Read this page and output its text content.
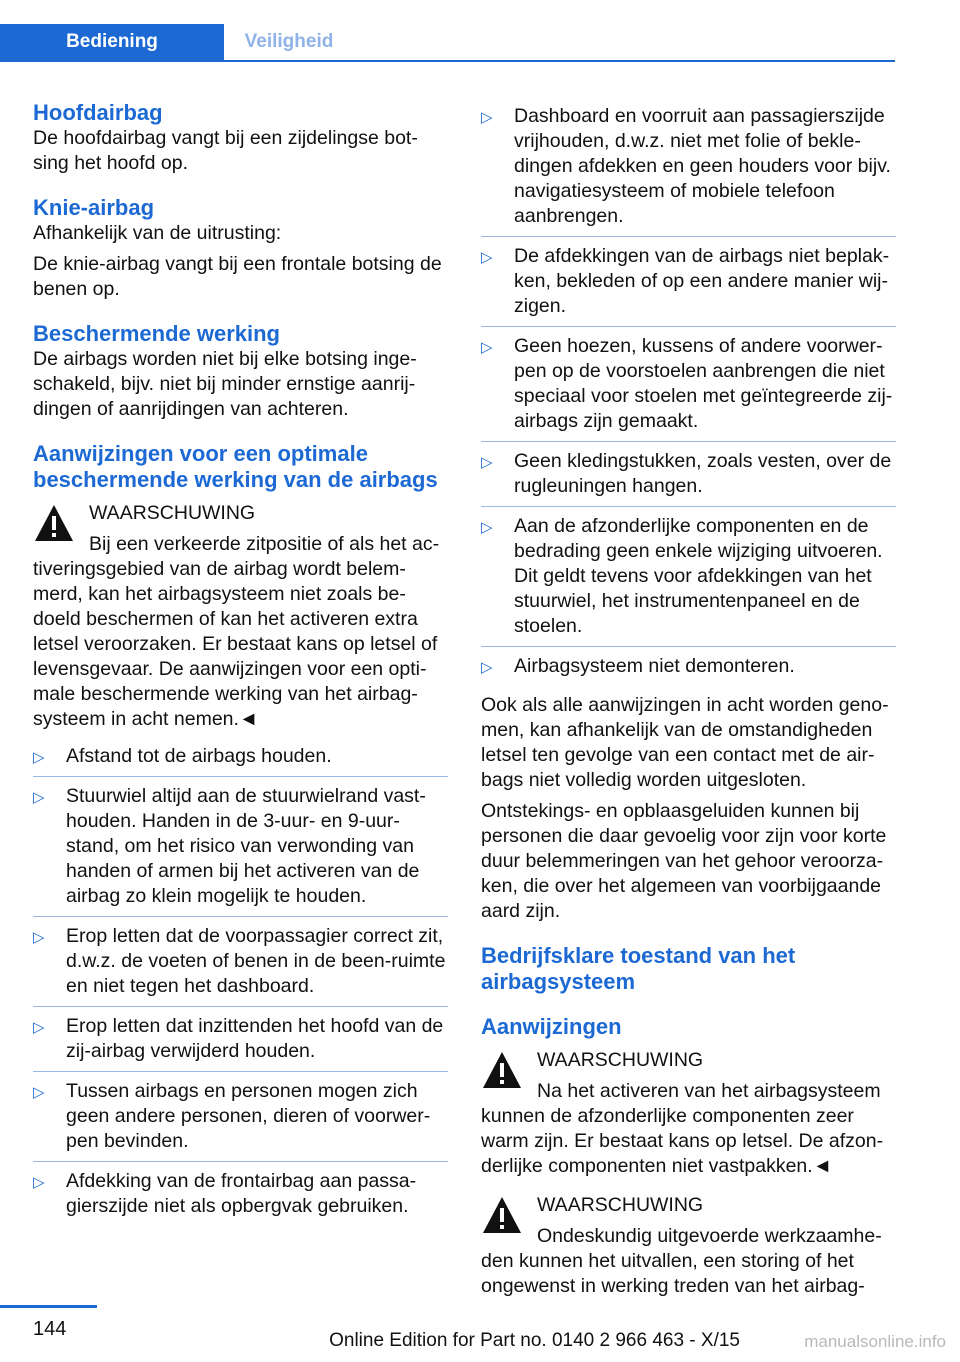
Bediening	Veiligheid
Hoofdairbag

De hoofdairbag vangt bij een zijdelingse bot-sing het hoofd op.

Knie-airbag

Afhankelijk van de uitrusting:

De knie-airbag vangt bij een frontale botsing de benen op.

Beschermende werking

De airbags worden niet bij elke botsing inge-schakeld, bijv. niet bij minder ernstige aanrij-dingen of aanrijdingen van achteren.

Aanwijzingen voor een optimale beschermende werking van de airbags
WAARSCHUWING
Bij een verkeerde zitpositie of als het ac-tiveringsgebied van de airbag wordt belem-merd, kan het airbagsysteem niet zoals be-doeld beschermen of kan het activeren extra letsel veroorzaken. Er bestaat kans op letsel of levensgevaar. De aanwijzingen voor een opti-male beschermende werking van het airbag-systeem in acht nemen.◄
▷ Afstand tot de airbags houden.
▷ Stuurwiel altijd aan de stuurwielrand vast-houden. Handen in de 3-uur- en 9-uur-stand, om het risico van verwonding van handen of armen bij het activeren van de airbag zo klein mogelijk te houden.
▷ Erop letten dat de voorpassagier correct zit, d.w.z. de voeten of benen in de been-ruimte en niet tegen het dashboard.
▷ Erop letten dat inzittenden het hoofd van de zij-airbag verwijderd houden.
▷ Tussen airbags en personen mogen zich geen andere personen, dieren of voorwer-pen bevinden.
▷ Afdekking van de frontairbag aan passa-gierszijde niet als opbergvak gebruiken.
▷ Dashboard en voorruit aan passagierszijde vrijhouden, d.w.z. niet met folie of bekle-dingen afdekken en geen houders voor bijv. navigatiesysteem of mobiele telefoon aanbrengen.
▷ De afdekkingen van de airbags niet beplak-ken, bekleden of op een andere manier wij-zigen.
▷ Geen hoezen, kussens of andere voorwer-pen op de voorstoelen aanbrengen die niet speciaal voor stoelen met geïntegreerde zij-airbags zijn gemaakt.
▷ Geen kledingstukken, zoals vesten, over de rugleuningen hangen.
▷ Aan de afzonderlijke componenten en de bedrading geen enkele wijziging uitvoeren. Dit geldt tevens voor afdekkingen van het stuurwiel, het instrumentenpaneel en de stoelen.
▷ Airbagsysteem niet demonteren.

Ook als alle aanwijzingen in acht worden geno-men, kan afhankelijk van de omstandigheden letsel ten gevolge van een contact met de air-bags niet volledig worden uitgesloten.

Ontstekings- en opblaasgeluiden kunnen bij personen die daar gevoelig voor zijn voor korte duur belemmeringen van het gehoor veroorza-ken, die over het algemeen van voorbijgaande aard zijn.

Bedrijfsklare toestand van het airbagsysteem
Aanwijzingen
WAARSCHUWING
Na het activeren van het airbagsysteem kunnen de afzonderlijke componenten zeer warm zijn. Er bestaat kans op letsel. De afzon-derlijke componenten niet vastpakken.◄
WAARSCHUWING
Ondeskundig uitgevoerde werkzaamhe-den kunnen het uitvallen, een storing of het ongewenst in werking treden van het airbag-
144
Online Edition for Part no. 0140 2 966 463 - X/15	manualsonline.info
